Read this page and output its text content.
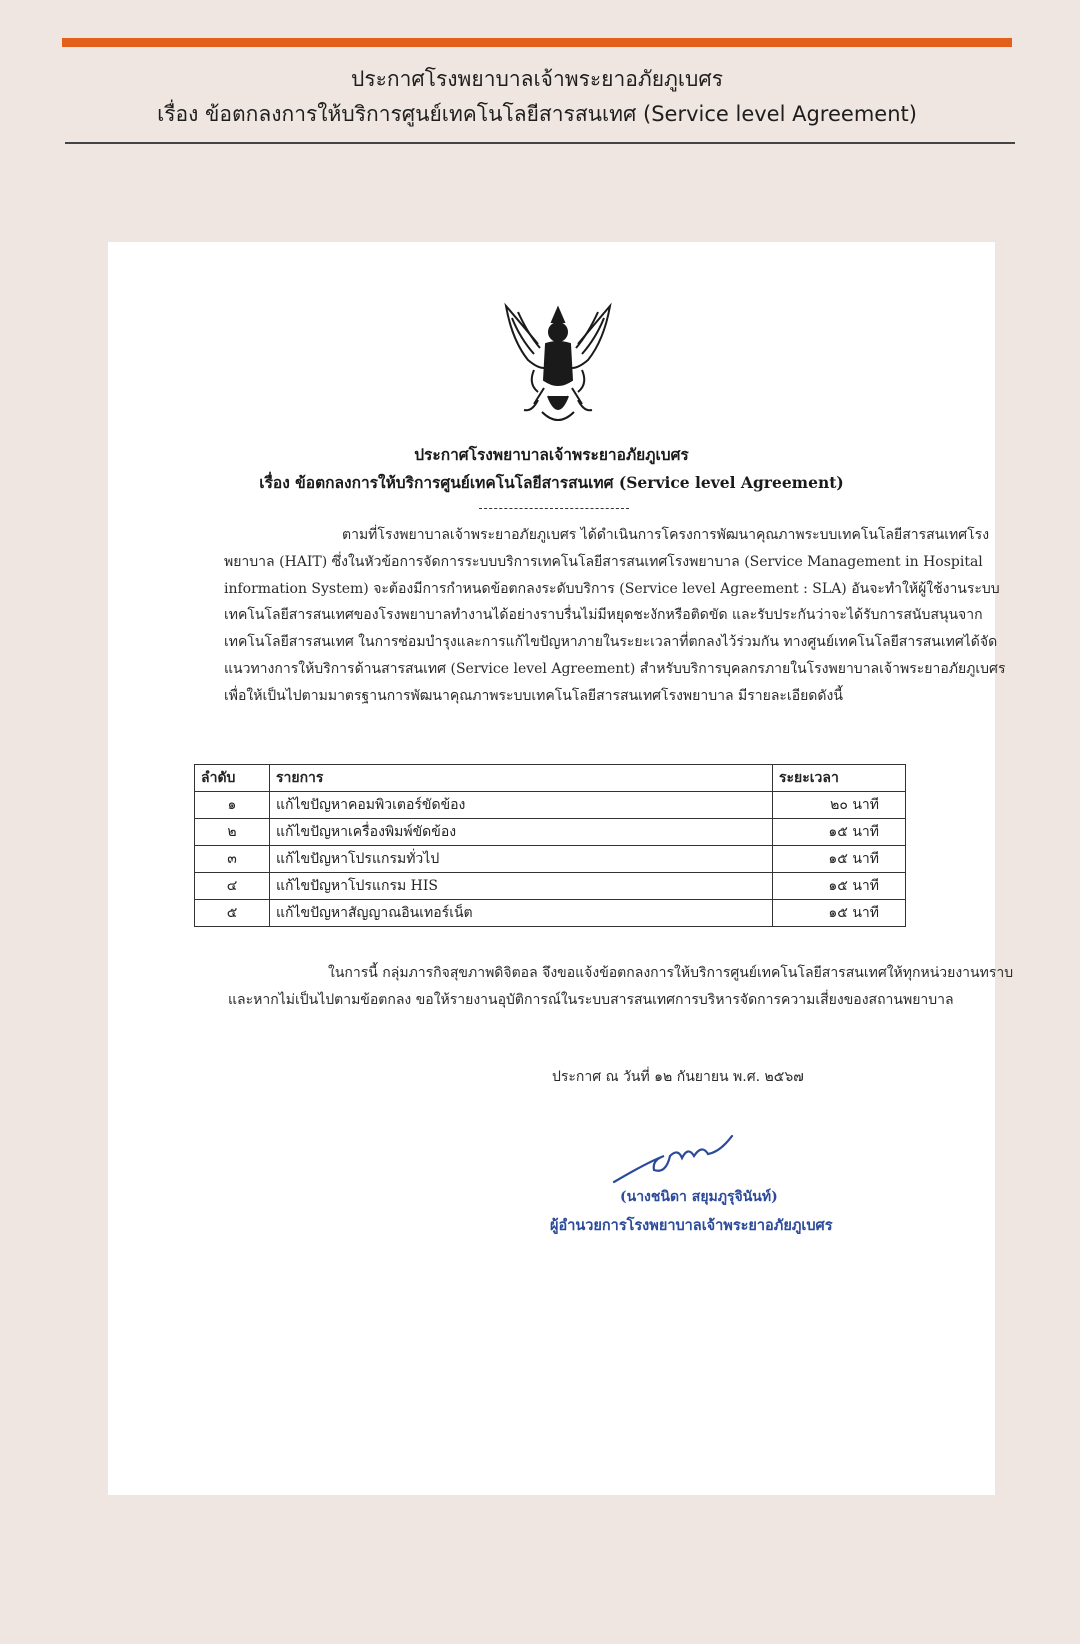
ประกาศโรงพยาบาลเจ้าพระยาอภัยภูเบศร
เรื่อง ข้อตกลงการให้บริการศูนย์เทคโนโลยีสารสนเทศ (Service level Agreement)
ประกาศโรงพยาบาลเจ้าพระยาอภัยภูเบศร
เรื่อง ข้อตกลงการให้บริการศูนย์เทคโนโลยีสารสนเทศ (Service level Agreement)
ตามที่โรงพยาบาลเจ้าพระยาอภัยภูเบศร ได้ดำเนินการโครงการพัฒนาคุณภาพระบบเทคโนโลยีสารสนเทศโรงพยาบาล (HAIT) ซึ่งในหัวข้อการจัดการระบบบริการเทคโนโลยีสารสนเทศโรงพยาบาล (Service Management in Hospital information System) จะต้องมีการกำหนดข้อตกลงระดับบริการ (Service level Agreement : SLA) อันจะทำให้ผู้ใช้งานระบบเทคโนโลยีสารสนเทศของโรงพยาบาลทำงานได้อย่างราบรื่นไม่มีหยุดชะงักหรือติดขัด และรับประกันว่าจะได้รับการสนับสนุนจากเทคโนโลยีสารสนเทศ ในการซ่อมบำรุงและการแก้ไขปัญหาภายในระยะเวลาที่ตกลงไว้ร่วมกัน ทางศูนย์เทคโนโลยีสารสนเทศได้จัดแนวทางการให้บริการด้านสารสนเทศ (Service level Agreement) สำหรับบริการบุคลกรภายในโรงพยาบาลเจ้าพระยาอภัยภูเบศร เพื่อให้เป็นไปตามมาตรฐานการพัฒนาคุณภาพระบบเทคโนโลยีสารสนเทศโรงพยาบาล มีรายละเอียดดังนี้
ลำดับ	รายการ	ระยะเวลา
๑	แก้ไขปัญหาคอมพิวเตอร์ขัดข้อง	๒๐ นาที
๒	แก้ไขปัญหาเครื่องพิมพ์ขัดข้อง	๑๕ นาที
๓	แก้ไขปัญหาโปรแกรมทั่วไป	๑๕ นาที
๔	แก้ไขปัญหาโปรแกรม HIS	๑๕ นาที
๕	แก้ไขปัญหาสัญญาณอินเทอร์เน็ต	๑๕ นาที
ในการนี้ กลุ่มภารกิจสุขภาพดิจิตอล จึงขอแจ้งข้อตกลงการให้บริการศูนย์เทคโนโลยีสารสนเทศให้ทุกหน่วยงานทราบ และหากไม่เป็นไปตามข้อตกลง ขอให้รายงานอุบัติการณ์ในระบบสารสนเทศการบริหารจัดการความเสี่ยงของสถานพยาบาล
ประกาศ ณ วันที่ ๑๒ กันยายน พ.ศ. ๒๕๖๗
(นางชนิดา สยุมภูรุจินันท์)
ผู้อำนวยการโรงพยาบาลเจ้าพระยาอภัยภูเบศร
